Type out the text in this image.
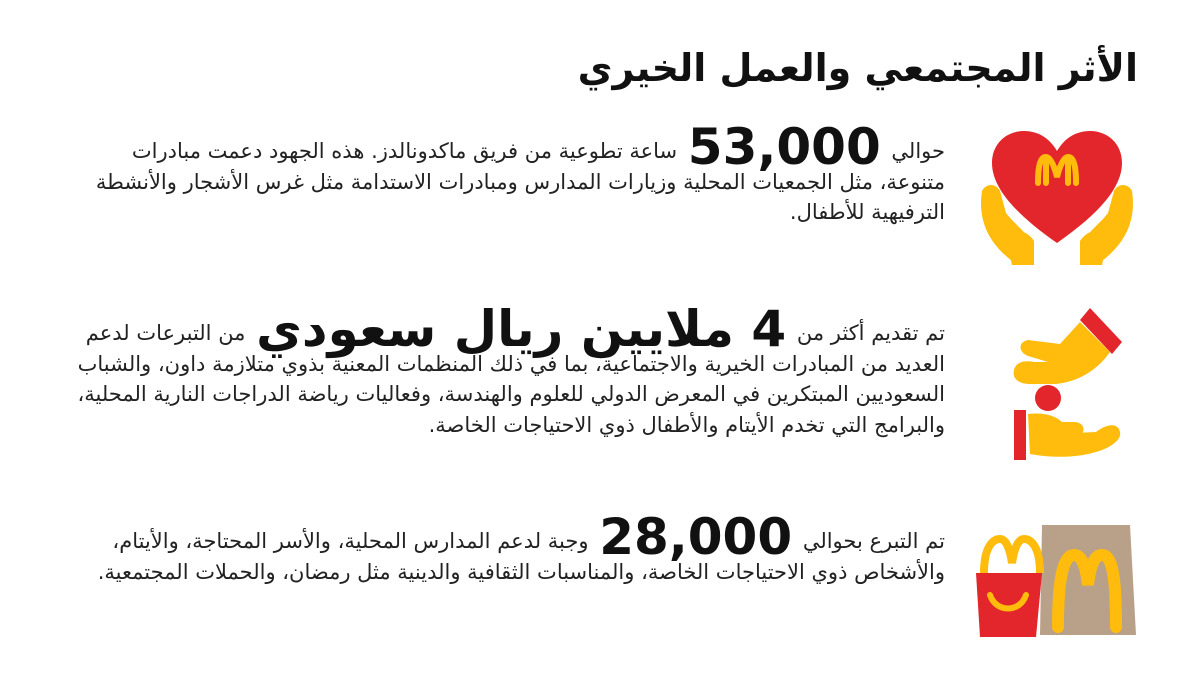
الأثر المجتمعي والعمل الخيري

حوالي 53,000 ساعة تطوعية من فريق ماكدونالدز. هذه الجهود دعمت مبادرات متنوعة، مثل الجمعيات المحلية وزيارات المدارس ومبادرات الاستدامة مثل غرس الأشجار والأنشطة الترفيهية للأطفال.

تم تقديم أكثر من 4 ملايين ريال سعودي من التبرعات لدعم العديد من المبادرات الخيرية والاجتماعية، بما في ذلك المنظمات المعنية بذوي متلازمة داون، والشباب السعوديين المبتكرين في المعرض الدولي للعلوم والهندسة، وفعاليات رياضة الدراجات النارية المحلية، والبرامج التي تخدم الأيتام والأطفال ذوي الاحتياجات الخاصة.

تم التبرع بحوالي 28,000 وجبة لدعم المدارس المحلية، والأسر المحتاجة، والأيتام، والأشخاص ذوي الاحتياجات الخاصة، والمناسبات الثقافية والدينية مثل رمضان، والحملات المجتمعية.
